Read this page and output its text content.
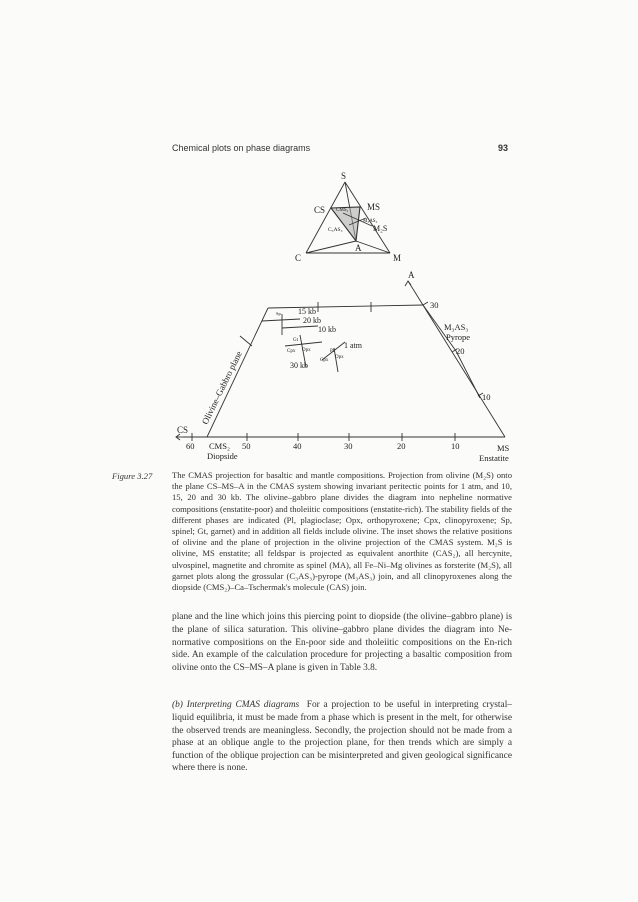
Chemical plots on phase diagrams	93
S
CS	MS
C	M
A
CMS₂
M₃AS₃
C₃AS₃	M₂S
A
CS
MS
Enstatite
CMS₂
Diopside
M₃AS₃
Pyrope
Olivine–Gabbro plane
15 kb
20 kb
10 kb
1 atm
30 kb
Sp
Gt
Pl
Cpx Opx
Cpx
Opx
60	50	40	30	20	10
30
20
10
Figure 3.27 The CMAS projection for basaltic and mantle compositions. Projection from olivine (M₂S) onto the plane CS–MS–A in the CMAS system showing invariant peritectic points for 1 atm, and 10, 15, 20 and 30 kb. The olivine–gabbro plane divides the diagram into nepheline normative compositions (enstatite-poor) and tholeiitic compositions (enstatite-rich). The stability fields of the different phases are indicated (Pl, plagioclase; Opx, orthopyroxene; Cpx, clinopyroxene; Sp, spinel; Gt, garnet) and in addition all fields include olivine. The inset shows the relative positions of olivine and the plane of projection in the olivine projection of the CMAS system. M₂S is olivine, MS enstatite; all feldspar is projected as equivalent anorthite (CAS₂), all hercynite, ulvospinel, magnetite and chromite as spinel (MA), all Fe–Ni–Mg olivines as forsterite (M₂S), all garnet plots along the grossular (C₃AS₃)-pyrope (M₃AS₃) join, and all clinopyroxenes along the diopside (CMS₂)–Ca–Tschermak's molecule (CAS) join.

plane and the line which joins this piercing point to diopside (the olivine–gabbro plane) is the plane of silica saturation. This olivine–gabbro plane divides the diagram into Ne-normative compositions on the En-poor side and tholeiitic compositions on the En-rich side. An example of the calculation procedure for projecting a basaltic composition from olivine onto the CS–MS–A plane is given in Table 3.8.

(b) Interpreting CMAS diagrams For a projection to be useful in interpreting crystal–liquid equilibria, it must be made from a phase which is present in the melt, for otherwise the observed trends are meaningless. Secondly, the projection should not be made from a phase at an oblique angle to the projection plane, for then trends which are simply a function of the oblique projection can be misinterpreted and given geological significance where there is none.
